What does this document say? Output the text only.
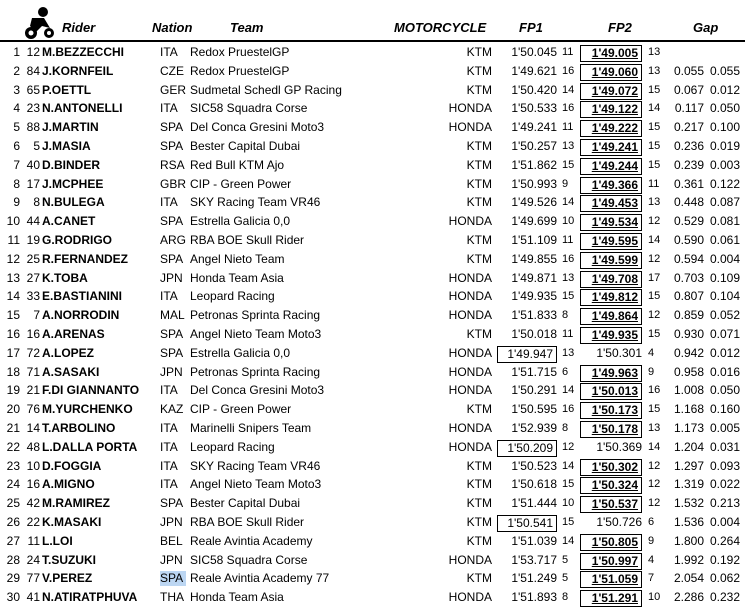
Rider	Nation	Team	MOTORCYCLE	FP1	FP2	Gap
1 12 M.BEZZECCHI	ITA	Redox PruestelGP	KTM	1'50.045 11	1'49.005 13
2 84 J.KORNFEIL	CZE Redox PruestelGP	KTM	1'49.621 16	1'49.060 13	0.055 0.055
3 65 P.OETTL	GER Sudmetal Schedl GP Racing	KTM	1'50.420 14	1'49.072 15	0.067 0.012
4 23 N.ANTONELLI	ITA	SIC58 Squadra Corse	HONDA	1'50.533 16	1'49.122 14	0.117 0.050
5 88 J.MARTIN	SPA Del Conca Gresini Moto3	HONDA	1'49.241 11	1'49.222 15	0.217 0.100
6	5 J.MASIA	SPA Bester Capital Dubai	KTM	1'50.257 13	1'49.241 15	0.236 0.019
7 40 D.BINDER	RSA Red Bull KTM Ajo	KTM	1'51.862 15	1'49.244 15	0.239 0.003
8 17 J.MCPHEE	GBR CIP - Green Power	KTM	1'50.993 9	1'49.366 11	0.361 0.122
9	8 N.BULEGA	ITA	SKY Racing Team VR46	KTM	1'49.526 14	1'49.453 13	0.448 0.087
10 44 A.CANET	SPA Estrella Galicia 0,0	HONDA	1'49.699 10	1'49.534 12	0.529 0.081
11 19 G.RODRIGO	ARG RBA BOE Skull Rider	KTM	1'51.109 11	1'49.595 14	0.590 0.061
12 25 R.FERNANDEZ	SPA Angel Nieto Team	KTM	1'49.855 16	1'49.599 12	0.594 0.004
13 27 K.TOBA	JPN Honda Team Asia	HONDA	1'49.871 13	1'49.708 17	0.703 0.109
14 33 E.BASTIANINI	ITA	Leopard Racing	HONDA	1'49.935 15	1'49.812 15	0.807 0.104
15	7 A.NORRODIN	MAL Petronas Sprinta Racing	HONDA	1'51.833 8	1'49.864 12	0.859 0.052
16 16 A.ARENAS	SPA Angel Nieto Team Moto3	KTM	1'50.018 11	1'49.935 15	0.930 0.071
17 72 A.LOPEZ	SPA Estrella Galicia 0,0	HONDA	1'49.947 13	1'50.301 4	0.942 0.012
18 71 A.SASAKI	JPN Petronas Sprinta Racing	HONDA	1'51.715 6	1'49.963 9	0.958 0.016
19 21 F.DI GIANNANTO ITA	Del Conca Gresini Moto3	HONDA	1'50.291 14	1'50.013 16	1.008 0.050
20 76 M.YURCHENKO KAZ CIP - Green Power	KTM	1'50.595 16	1'50.173 15	1.168 0.160
21 14 T.ARBOLINO	ITA	Marinelli Snipers Team	HONDA	1'52.939 8	1'50.178 13	1.173 0.005
22 48 L.DALLA PORTA ITA	Leopard Racing	HONDA	1'50.209 12	1'50.369 14	1.204 0.031
23 10 D.FOGGIA	ITA	SKY Racing Team VR46	KTM	1'50.523 14	1'50.302 12	1.297 0.093
24 16 A.MIGNO	ITA	Angel Nieto Team Moto3	KTM	1'50.618 15	1'50.324 12	1.319 0.022
25 42 M.RAMIREZ	SPA Bester Capital Dubai	KTM	1'51.444 10	1'50.537 12	1.532 0.213
26 22 K.MASAKI	JPN RBA BOE Skull Rider	KTM	1'50.541 15	1'50.726 6	1.536 0.004
27 11 L.LOI	BEL Reale Avintia Academy	KTM	1'51.039 14	1'50.805 9	1.800 0.264
28 24 T.SUZUKI	JPN SIC58 Squadra Corse	HONDA	1'53.717 5	1'50.997 4	1.992 0.192
29 77 V.PEREZ	SPA Reale Avintia Academy 77	KTM	1'51.249 5	1'51.059 7	2.054 0.062
30 41 N.ATIRATPHUVA THA Honda Team Asia	HONDA	1'51.893 8	1'51.291 10	2.286 0.232
